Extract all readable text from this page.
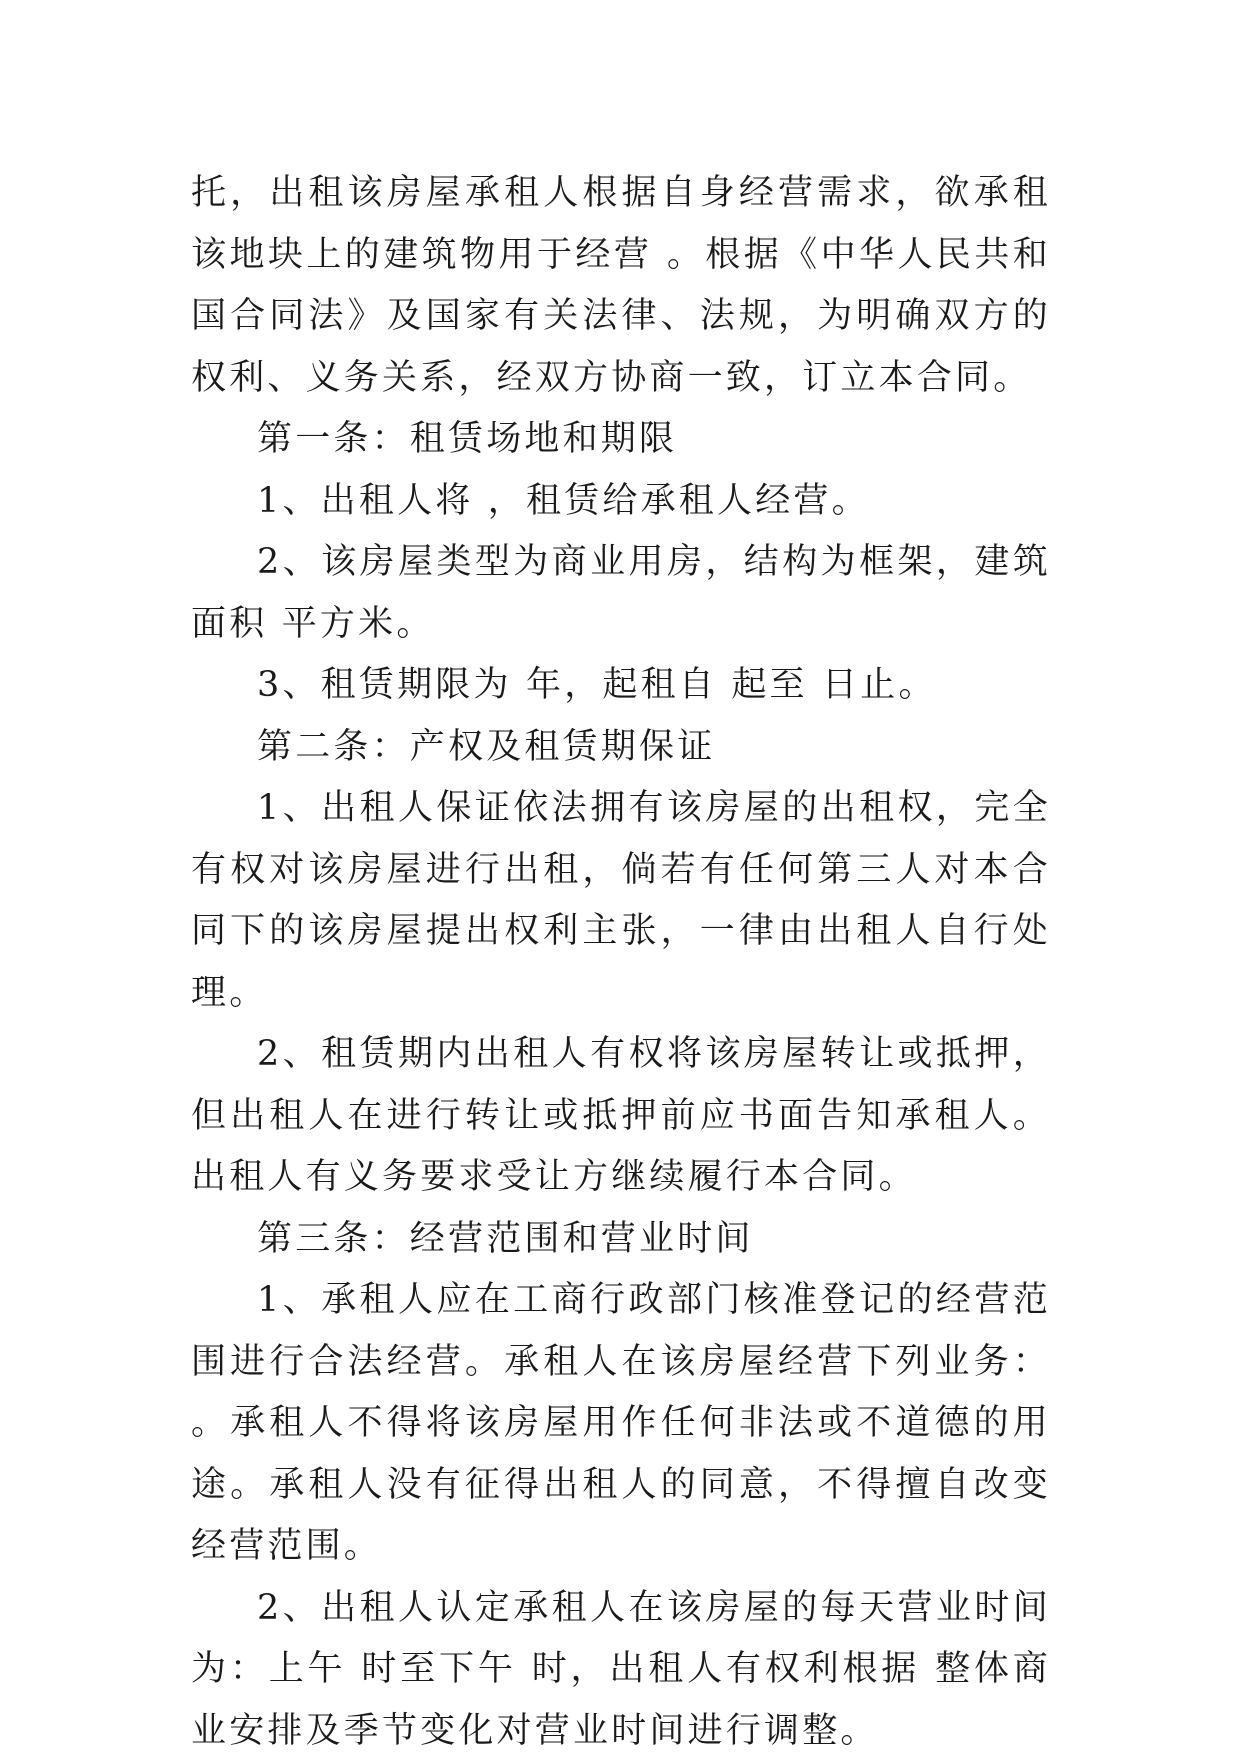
托，出租该房屋承租人根据自身经营需求，欲承租该地块上的建筑物用于经营 。根据《中华人民共和国合同法》及国家有关法律、法规，为明确双方的权利、义务关系，经双方协商一致，订立本合同。

第一条：租赁场地和期限

1、出租人将 ，租赁给承租人经营。

2、该房屋类型为商业用房，结构为框架，建筑面积 平方米。

3、租赁期限为 年，起租自 起至 日止。

第二条：产权及租赁期保证

1、出租人保证依法拥有该房屋的出租权，完全有权对该房屋进行出租，倘若有任何第三人对本合同下的该房屋提出权利主张，一律由出租人自行处理。

2、租赁期内出租人有权将该房屋转让或抵押，但出租人在进行转让或抵押前应书面告知承租人。出租人有义务要求受让方继续履行本合同。

第三条：经营范围和营业时间

1、承租人应在工商行政部门核准登记的经营范围进行合法经营。承租人在该房屋经营下列业务： 。承租人不得将该房屋用作任何非法或不道德的用途。承租人没有征得出租人的同意，不得擅自改变经营范围。

2、出租人认定承租人在该房屋的每天营业时间为：上午 时至下午 时，出租人有权利根据 整体商业安排及季节变化对营业时间进行调整。
